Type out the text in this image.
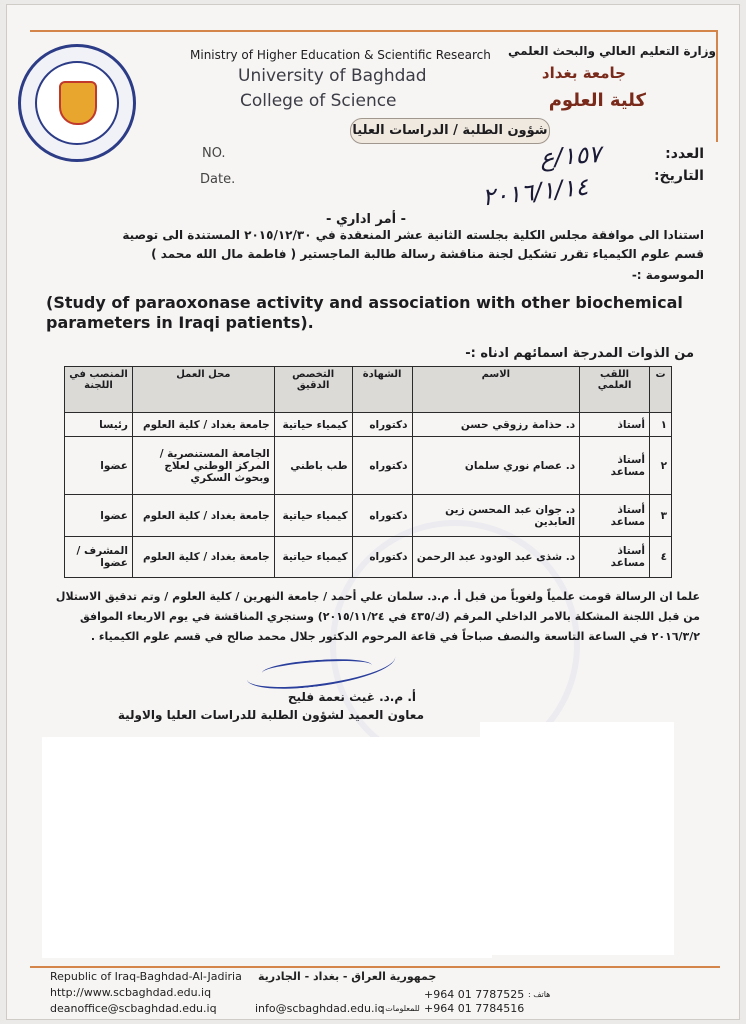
Ministry of Higher Education & Scientific Research
University of Baghdad
College of Science
وزارة التعليم العالي والبحث العلمي
جامعة بغداد
كلية العلوم
شؤون الطلبة / الدراسات العليا
NO.
Date.
العدد:
التاريخ:
١٥٧/ع
٢٠١٦/١/١٤
- أمر اداري -
استنادا الى موافقة مجلس الكلية بجلسته الثانية عشر المنعقدة في ٢٠١٥/١٢/٣٠ المستندة الى توصية
قسم علوم الكيمياء تقرر تشكيل لجنة مناقشة رسالة طالبة الماجستير ( فاطمة مال الله محمد )
الموسومة :-
(Study of paraoxonase activity and association with other biochemical parameters in Iraqi patients).
من الذوات المدرجة اسمائهم ادناه :-
ت	اللقب العلمي	الاسم	الشهادة	التخصص الدقيق	محل العمل	المنصب في اللجنة
١	أستاذ	د. حذامة رزوقي حسن	دكتوراه	كيمياء حياتية	جامعة بغداد / كلية العلوم	رئيسا
٢	أستاذ مساعد	د. عصام نوري سلمان	دكتوراه	طب باطني	الجامعة المستنصرية / المركز الوطني لعلاج وبحوث السكري	عضوا
٣	أستاذ مساعد	د. جوان عبد المحسن زين العابدين	دكتوراه	كيمياء حياتية	جامعة بغداد / كلية العلوم	عضوا
٤	أستاذ مساعد	د. شذى عبد الودود عبد الرحمن	دكتوراه	كيمياء حياتية	جامعة بغداد / كلية العلوم	المشرف / عضوا
علما ان الرسالة قومت علمياً ولغوياً من قبل أ. م.د. سلمان علي أحمد / جامعة النهرين / كلية العلوم / وتم تدقيق الاستلال
من قبل اللجنة المشكلة بالامر الداخلي المرقم (ك/٤٣٥ في ٢٠١٥/١١/٢٤) وستجري المناقشة في يوم الاربعاء الموافق
٢٠١٦/٣/٢ في الساعة التاسعة والنصف صباحاً في قاعة المرحوم الدكتور جلال محمد صالح في قسم علوم الكيمياء .
أ. م.د. غيث نعمة فليح
معاون العميد لشؤون الطلبة للدراسات العليا والاولية
Republic of Iraq-Baghdad-Al-Jadiria
http://www.scbaghdad.edu.iq
deanoffice@scbaghdad.edu.iq
جمهورية العراق - بغداد - الجادرية
info@scbaghdad.edu.iq
للمعلومات :
+964 01 7787525
+964 01 7784516
هاتف :
